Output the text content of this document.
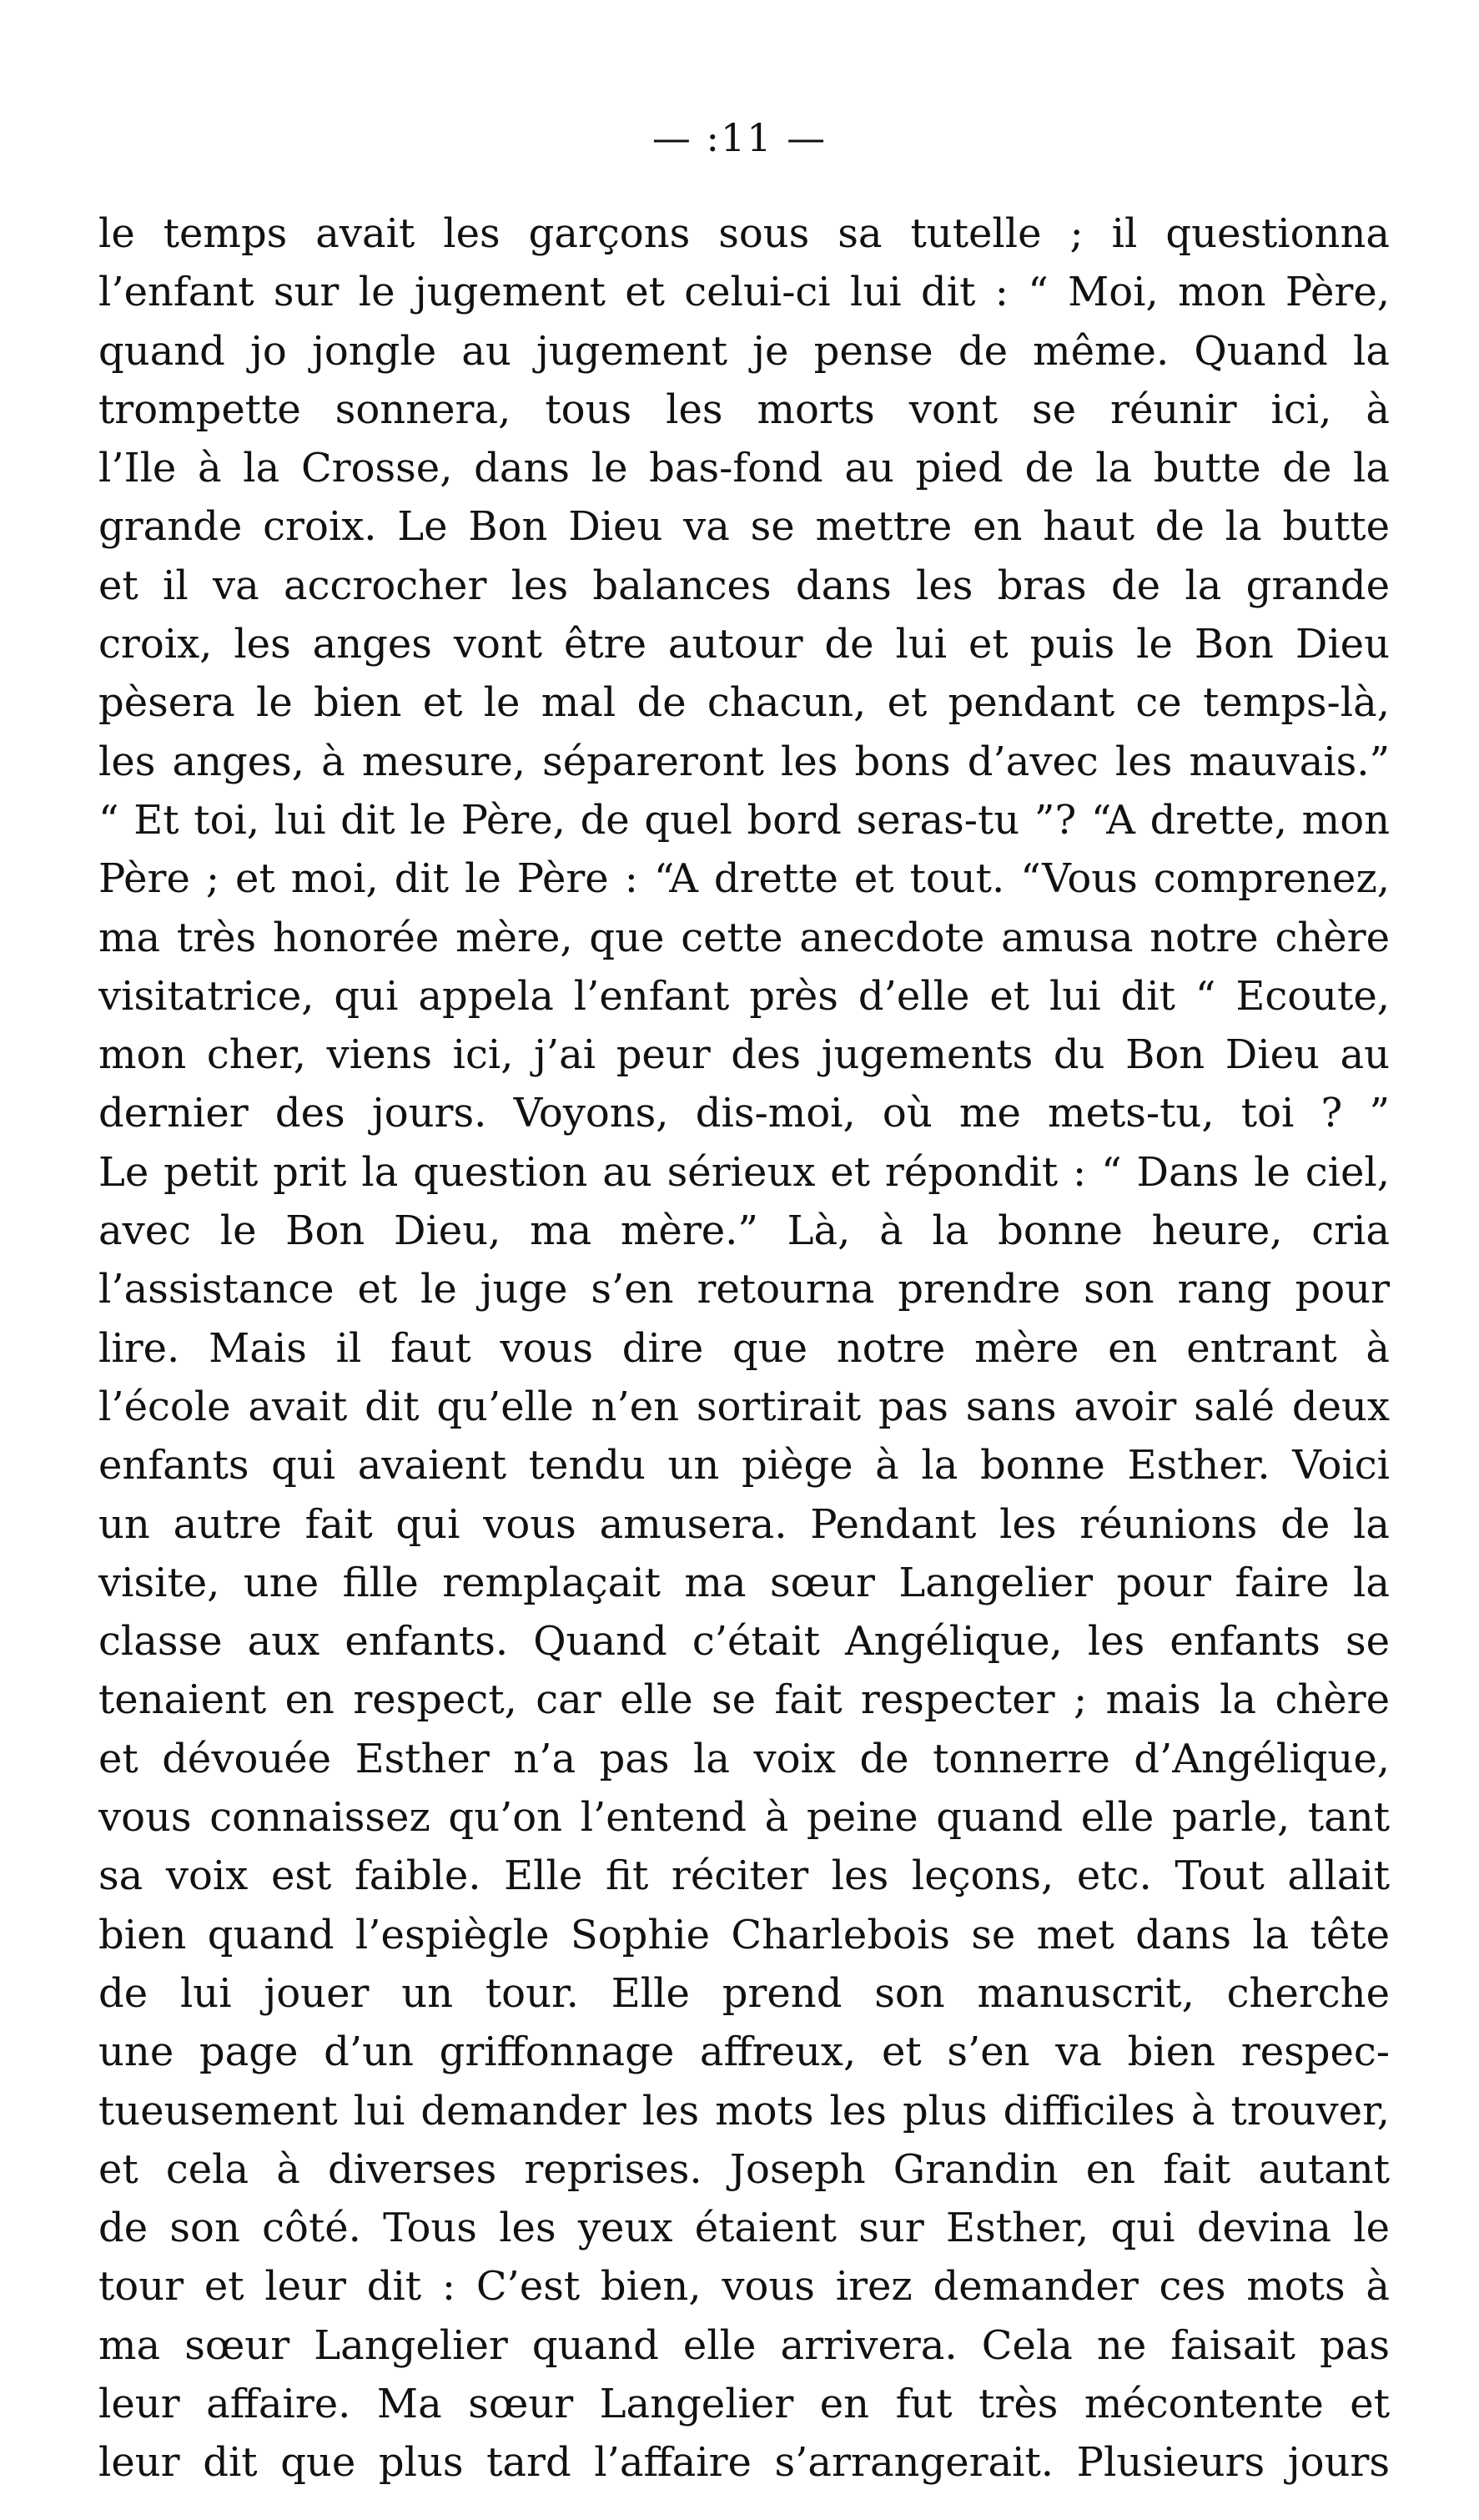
— :11 —
le temps avait les garçons sous sa tutelle ; il questionna
l’enfant sur le jugement et celui-ci lui dit : “ Moi, mon Père,
quand jo jongle au jugement je pense de même. Quand la
trompette sonnera, tous les morts vont se réunir ici, à
l’Ile à la Crosse, dans le bas-fond au pied de la butte de la
grande croix. Le Bon Dieu va se mettre en haut de la butte
et il va accrocher les balances dans les bras de la grande
croix, les anges vont être autour de lui et puis le Bon Dieu
pèsera le bien et le mal de chacun, et pendant ce temps-là,
les anges, à mesure, sépareront les bons d’avec les mauvais.”
“ Et toi, lui dit le Père, de quel bord seras-tu ”? “A drette, mon
Père ; et moi, dit le Père : “A drette et tout. “Vous comprenez,
ma très honorée mère, que cette anecdote amusa notre chère
visitatrice, qui appela l’enfant près d’elle et lui dit “ Ecoute,
mon cher, viens ici, j’ai peur des jugements du Bon Dieu au
dernier des jours. Voyons, dis-moi, où me mets-tu, toi ? ”
Le petit prit la question au sérieux et répondit : “ Dans le ciel,
avec le Bon Dieu, ma mère.” Là, à la bonne heure, cria
l’assistance et le juge s’en retourna prendre son rang pour
lire. Mais il faut vous dire que notre mère en entrant à
l’école avait dit qu’elle n’en sortirait pas sans avoir salé deux
enfants qui avaient tendu un piège à la bonne Esther. Voici
un autre fait qui vous amusera. Pendant les réunions de la
visite, une fille remplaçait ma sœur Langelier pour faire la
classe aux enfants. Quand c’était Angélique, les enfants se
tenaient en respect, car elle se fait respecter ; mais la chère
et dévouée Esther n’a pas la voix de tonnerre d’Angélique,
vous connaissez qu’on l’entend à peine quand elle parle, tant
sa voix est faible. Elle fit réciter les leçons, etc. Tout allait
bien quand l’espiègle Sophie Charlebois se met dans la tête
de lui jouer un tour. Elle prend son manuscrit, cherche
une page d’un griffonnage affreux, et s’en va bien respec-
tueusement lui demander les mots les plus difficiles à trouver,
et cela à diverses reprises. Joseph Grandin en fait autant
de son côté. Tous les yeux étaient sur Esther, qui devina le
tour et leur dit : C’est bien, vous irez demander ces mots à
ma sœur Langelier quand elle arrivera. Cela ne faisait pas
leur affaire. Ma sœur Langelier en fut très mécontente et
leur dit que plus tard l’affaire s’arrangerait. Plusieurs jours
